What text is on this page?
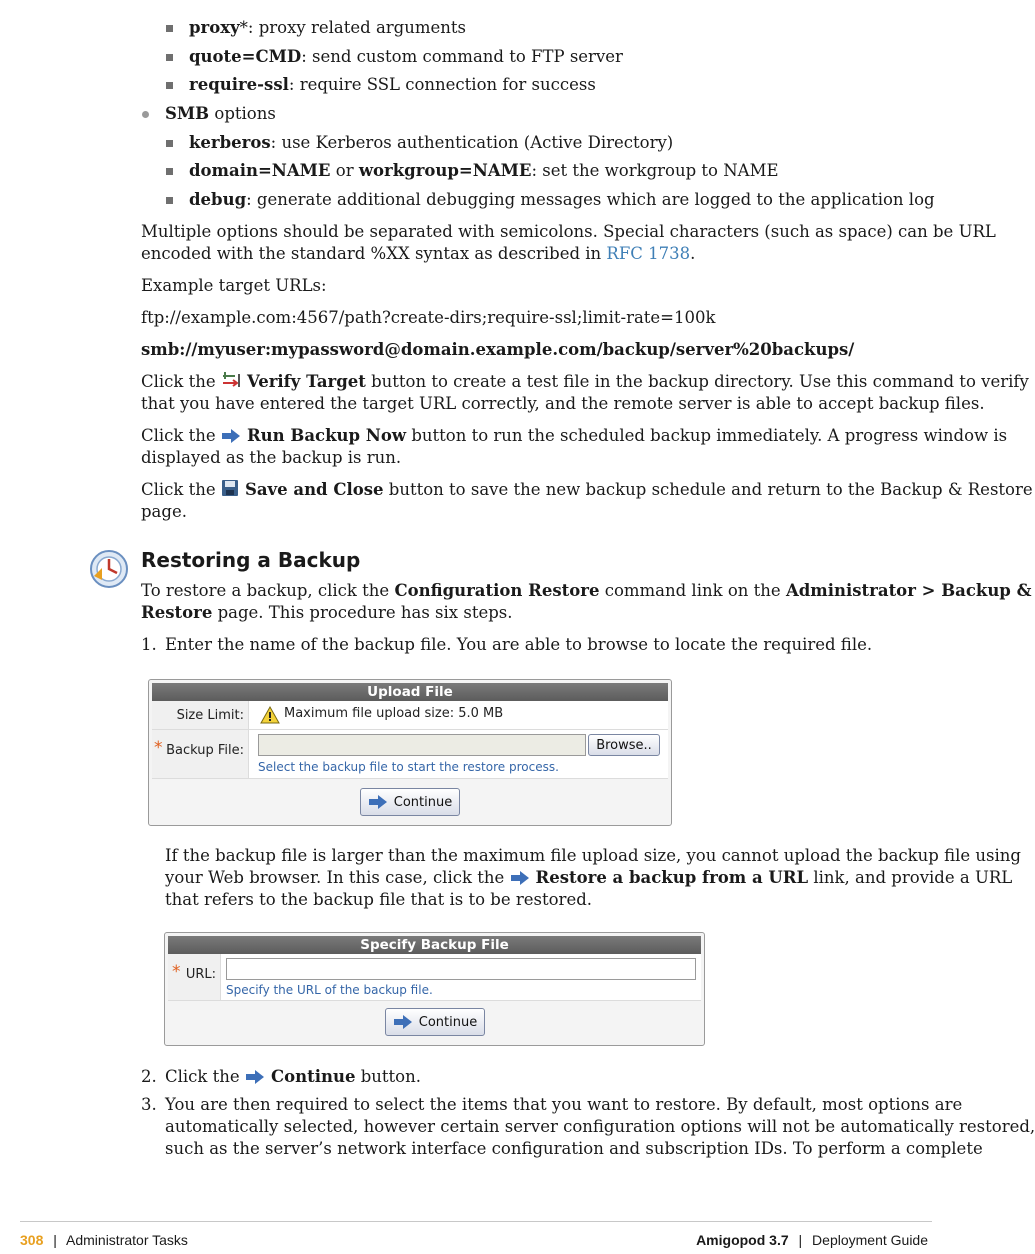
proxy*: proxy related arguments
quote=CMD: send custom command to FTP server
require-ssl: require SSL connection for success
SMB options
kerberos: use Kerberos authentication (Active Directory)
domain=NAME or workgroup=NAME: set the workgroup to NAME
debug: generate additional debugging messages which are logged to the application log
Multiple options should be separated with semicolons. Special characters (such as space) can be URL
encoded with the standard %XX syntax as described in RFC 1738.
Example target URLs:
ftp://example.com:4567/path?create-dirs;require-ssl;limit-rate=100k
smb://myuser:mypassword@domain.example.com/backup/server%20backups/
Click the Verify Target button to create a test file in the backup directory. Use this command to verify
that you have entered the target URL correctly, and the remote server is able to accept backup files.
Click the Run Backup Now button to run the scheduled backup immediately. A progress window is
displayed as the backup is run.
Click the Save and Close button to save the new backup schedule and return to the Backup & Restore
page.
Restoring a Backup
To restore a backup, click the Configuration Restore command link on the Administrator > Backup &
Restore page. This procedure has six steps.
1. Enter the name of the backup file. You are able to browse to locate the required file.
Upload File
Size Limit:	Maximum file upload size: 5.0 MB
* Backup File:	Browse..
Select the backup file to start the restore process.
Continue
If the backup file is larger than the maximum file upload size, you cannot upload the backup file using
your Web browser. In this case, click the Restore a backup from a URL link, and provide a URL
that refers to the backup file that is to be restored.
Specify Backup File
* URL:
Specify the URL of the backup file.
Continue
2. Click the Continue button.
3. You are then required to select the items that you want to restore. By default, most options are
automatically selected, however certain server configuration options will not be automatically restored,
such as the server’s network interface configuration and subscription IDs. To perform a complete
308 | Administrator Tasks	Amigopod 3.7 | Deployment Guide
